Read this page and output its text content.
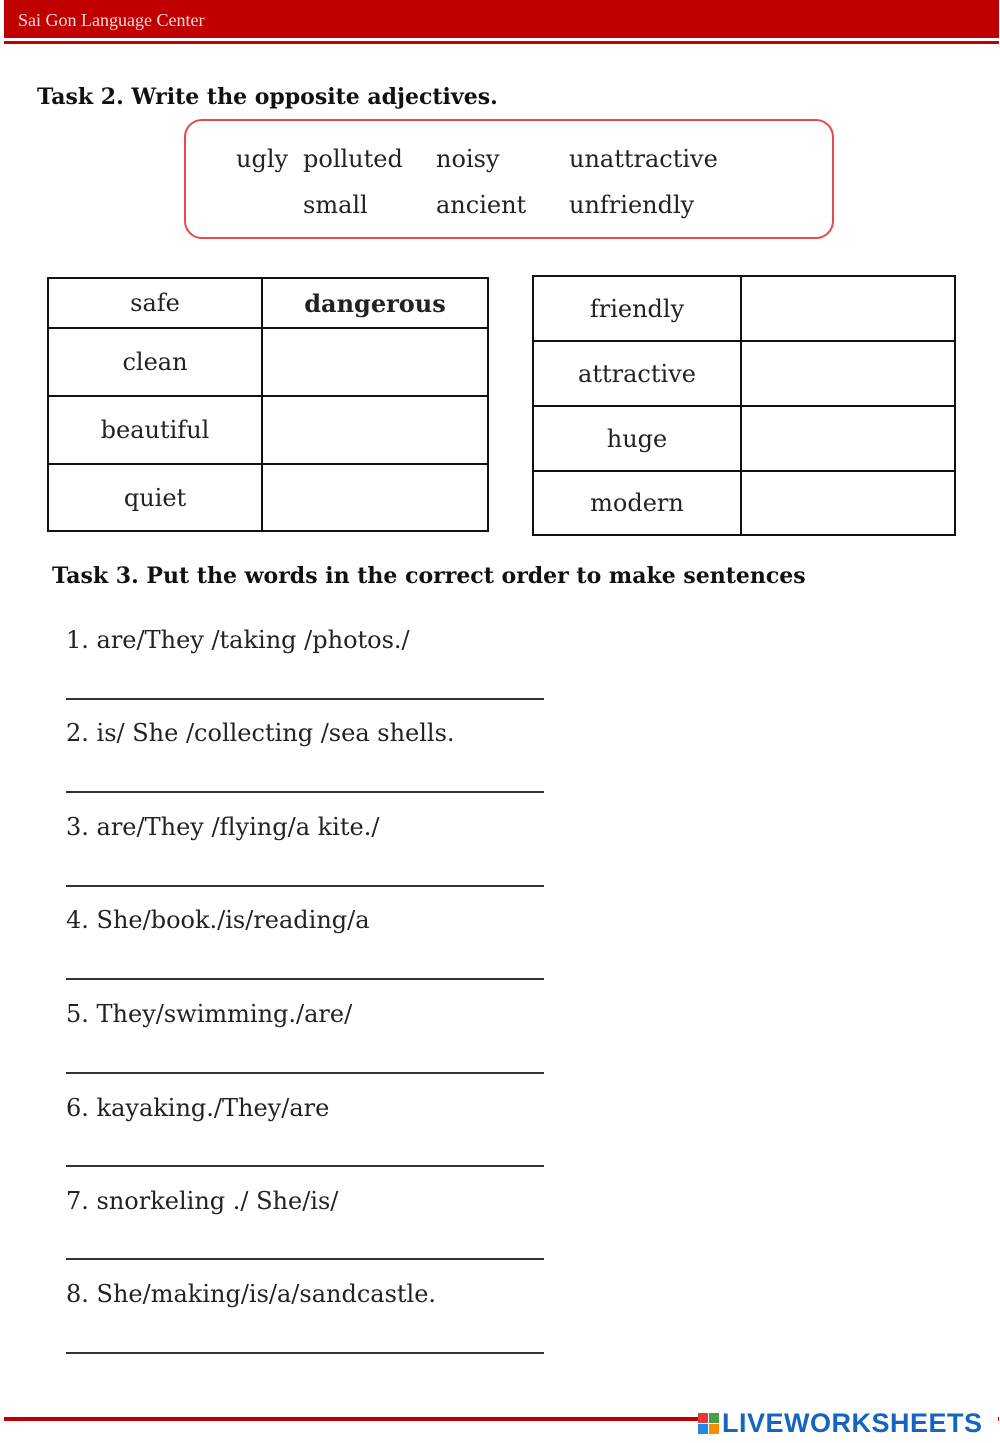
Sai Gon Language Center
Task 2. Write the opposite adjectives.
ugly polluted noisy	unattractive
small	ancient unfriendly
safe	dangerous
clean	
beautiful	
quiet	
friendly	
attractive	
huge	
modern	
Task 3. Put the words in the correct order to make sentences
1. are/They /taking /photos./
2. is/ She /collecting /sea shells.
3. are/They /flying/a kite./
4. She/book./is/reading/a
5. They/swimming./are/
6. kayaking./They/are
7. snorkeling ./ She/is/
8. She/making/is/a/sandcastle.
LIVEWORKSHEETS
